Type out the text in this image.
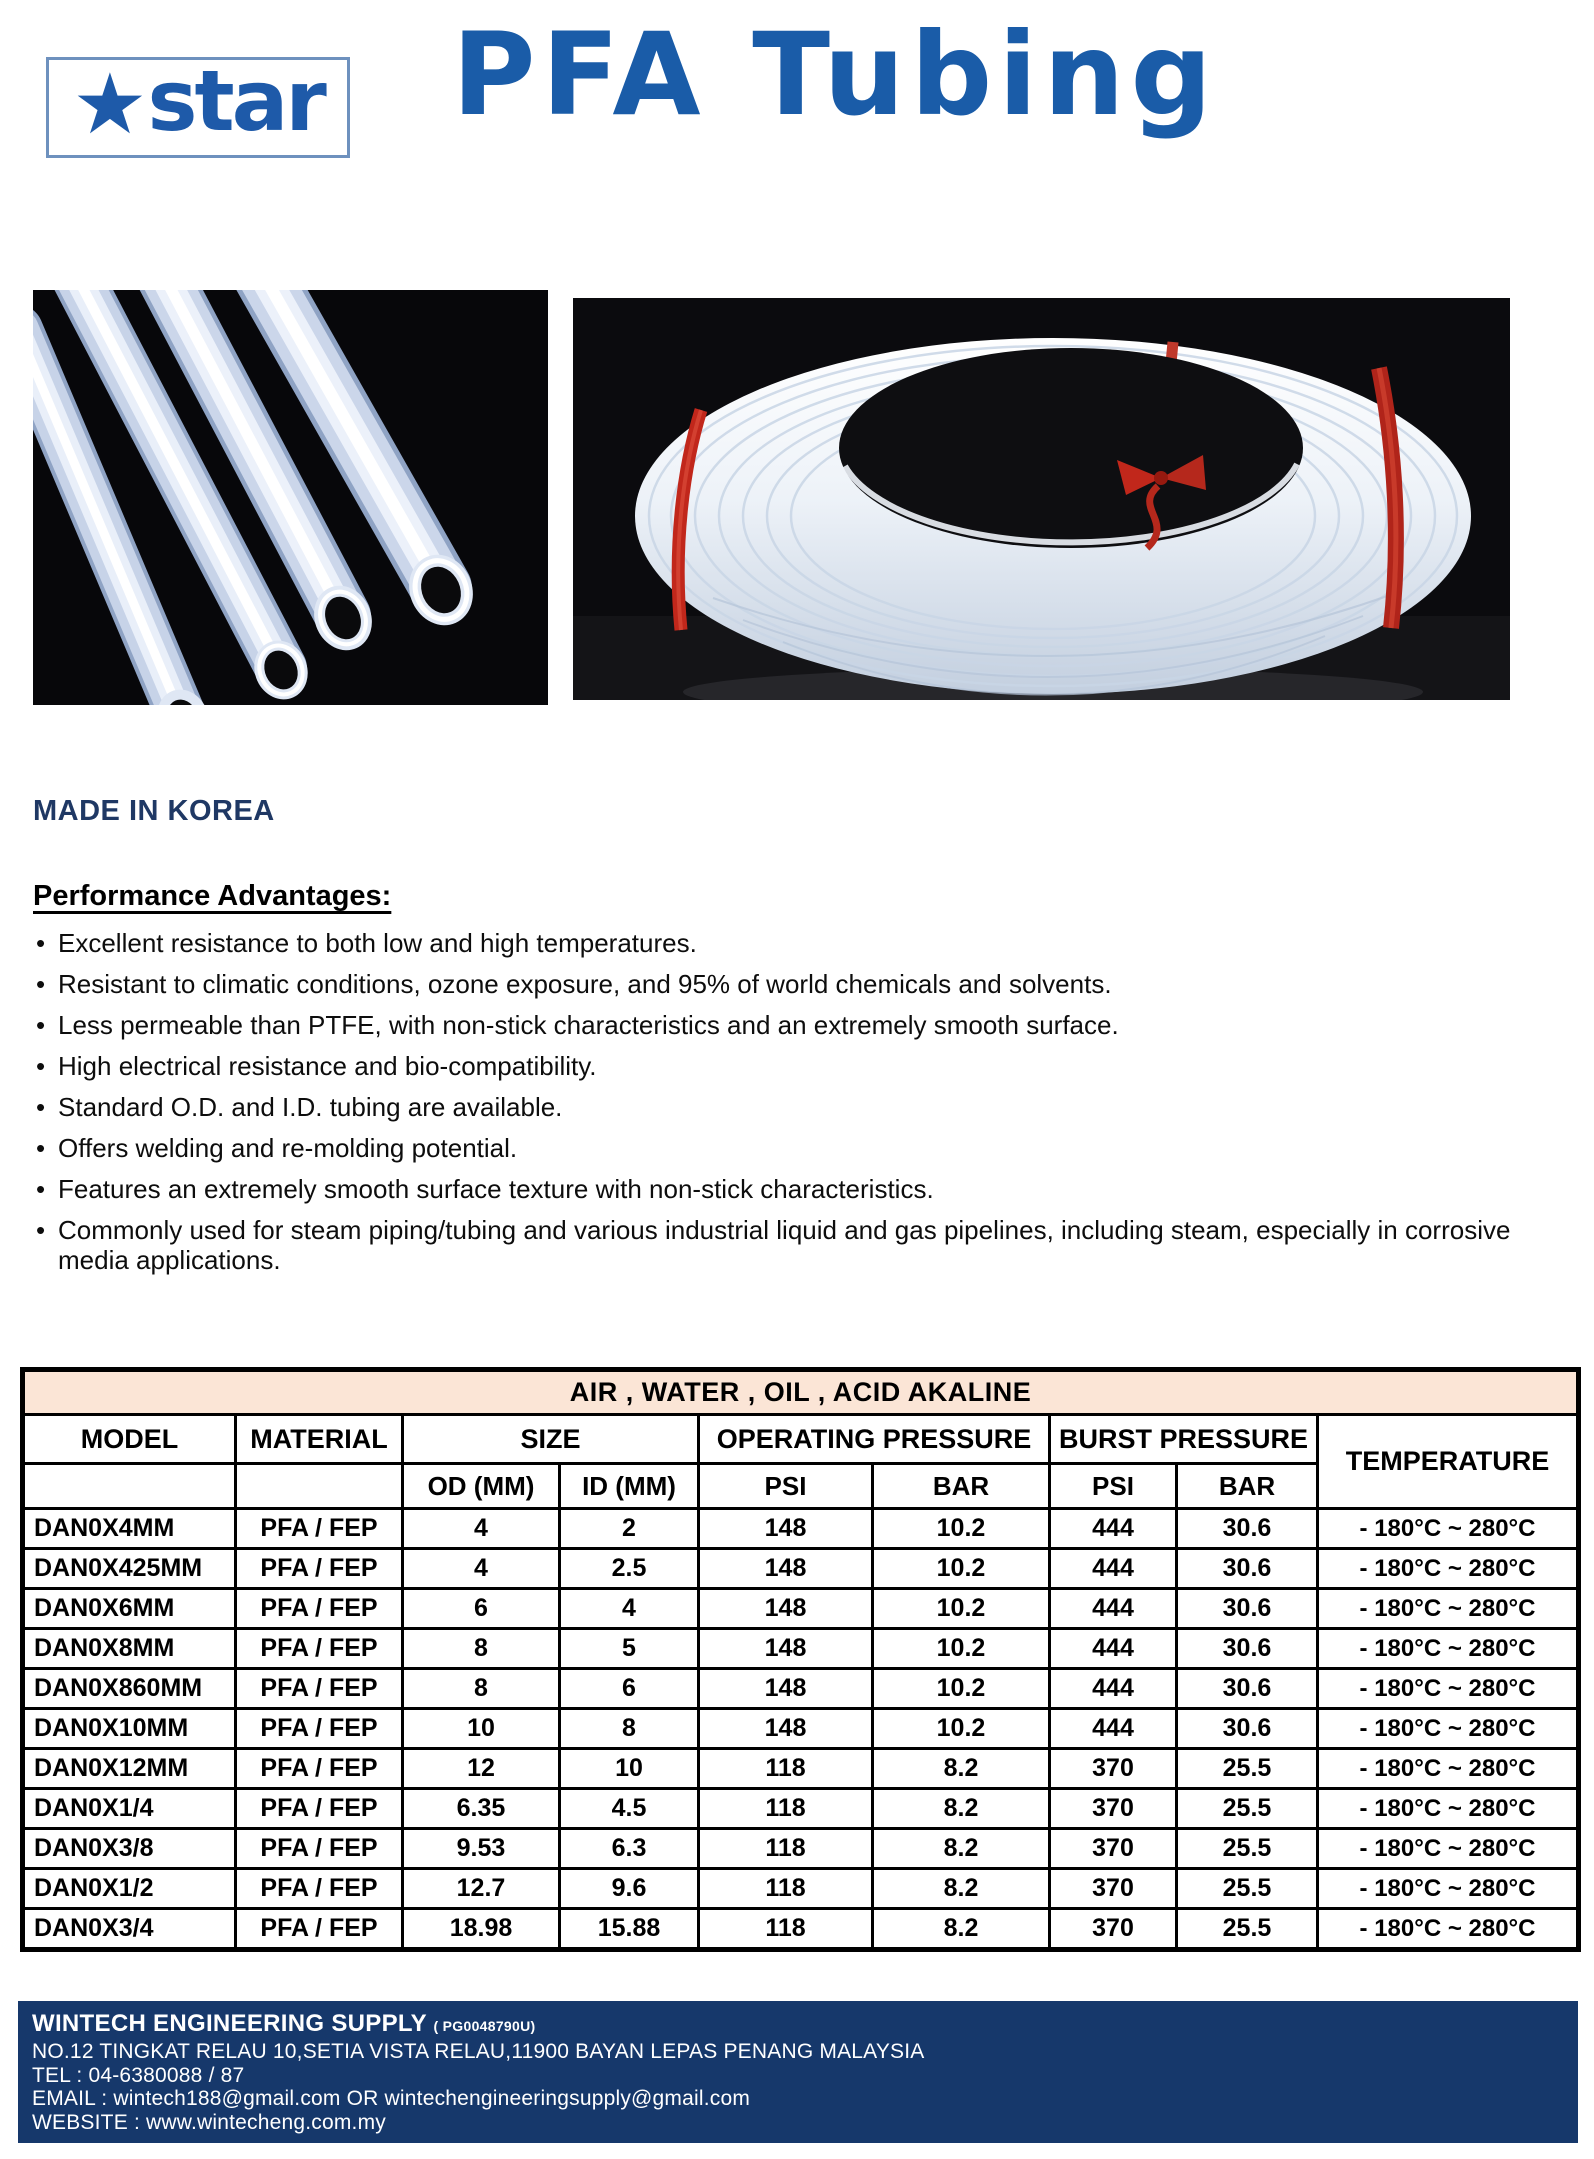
★ star PFA Tubing
MADE IN KOREA
Performance Advantages:
• Excellent resistance to both low and high temperatures.
• Resistant to climatic conditions, ozone exposure, and 95% of world chemicals and solvents.
• Less permeable than PTFE, with non-stick characteristics and an extremely smooth surface.
• High electrical resistance and bio-compatibility.
• Standard O.D. and I.D. tubing are available.
• Offers welding and re-molding potential.
• Features an extremely smooth surface texture with non-stick characteristics.
• Commonly used for steam piping/tubing and various industrial liquid and gas pipelines, including steam, especially in corrosive media applications.
AIR , WATER , OIL , ACID AKALINE								
MODEL	MATERIAL	SIZE		OPERATING PRESSURE		BURST PRESSURE		TEMPERATURE
		OD (MM)	ID (MM)	PSI	BAR	PSI	BAR	
DAN0X4MM	PFA / FEP	4	2	148	10.2	444	30.6	- 180°C ~ 280°C
DAN0X425MM	PFA / FEP	4	2.5	148	10.2	444	30.6	- 180°C ~ 280°C
DAN0X6MM	PFA / FEP	6	4	148	10.2	444	30.6	- 180°C ~ 280°C
DAN0X8MM	PFA / FEP	8	5	148	10.2	444	30.6	- 180°C ~ 280°C
DAN0X860MM	PFA / FEP	8	6	148	10.2	444	30.6	- 180°C ~ 280°C
DAN0X10MM	PFA / FEP	10	8	148	10.2	444	30.6	- 180°C ~ 280°C
DAN0X12MM	PFA / FEP	12	10	118	8.2	370	25.5	- 180°C ~ 280°C
DAN0X1/4	PFA / FEP	6.35	4.5	118	8.2	370	25.5	- 180°C ~ 280°C
DAN0X3/8	PFA / FEP	9.53	6.3	118	8.2	370	25.5	- 180°C ~ 280°C
DAN0X1/2	PFA / FEP	12.7	9.6	118	8.2	370	25.5	- 180°C ~ 280°C
DAN0X3/4	PFA / FEP	18.98	15.88	118	8.2	370	25.5	- 180°C ~ 280°C
WINTECH ENGINEERING SUPPLY ( PG0048790U)
NO.12 TINGKAT RELAU 10,SETIA VISTA RELAU,11900 BAYAN LEPAS PENANG MALAYSIA
TEL : 04-6380088 / 87
EMAIL : wintech188@gmail.com OR wintechengineeringsupply@gmail.com
WEBSITE : www.wintecheng.com.my
